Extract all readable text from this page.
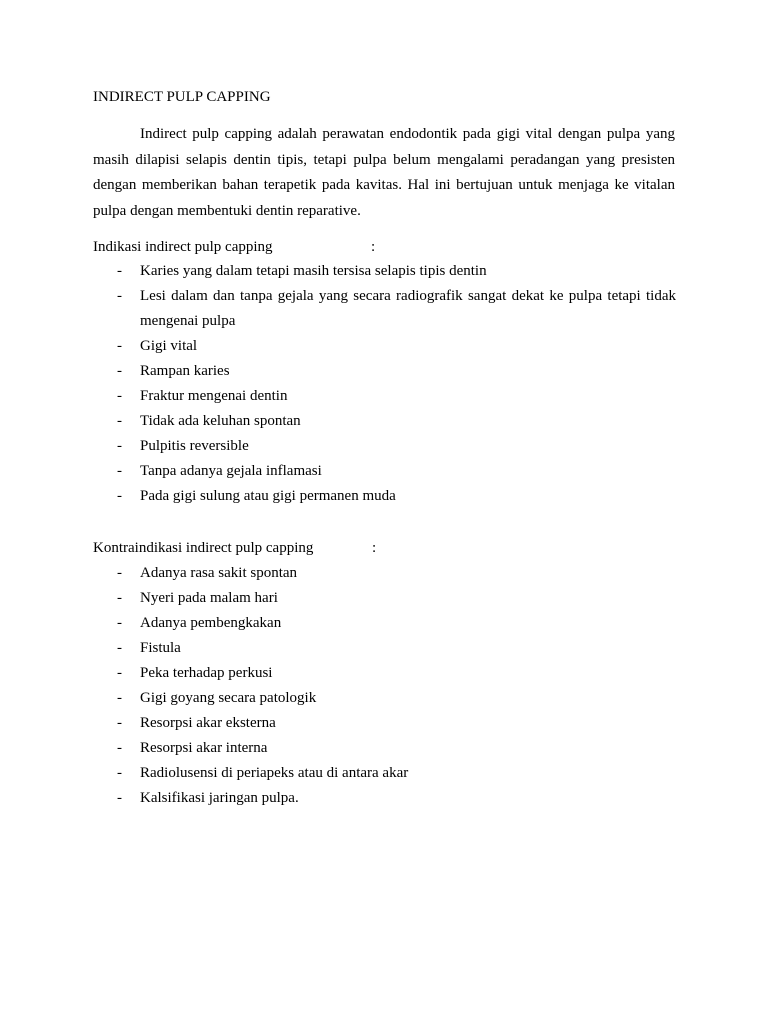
INDIRECT PULP CAPPING

Indirect pulp capping adalah perawatan endodontik pada gigi vital dengan pulpa yang masih dilapisi selapis dentin tipis, tetapi pulpa belum mengalami peradangan yang presisten dengan memberikan bahan terapetik pada kavitas. Hal ini bertujuan untuk menjaga ke vitalan pulpa dengan membentuki dentin reparative.

Indikasi indirect pulp capping	:
- Karies yang dalam tetapi masih tersisa selapis tipis dentin
- Lesi dalam dan tanpa gejala yang secara radiografik sangat dekat ke pulpa tetapi tidak mengenai pulpa
- Gigi vital
- Rampan karies
- Fraktur mengenai dentin
- Tidak ada keluhan spontan
- Pulpitis reversible
- Tanpa adanya gejala inflamasi
- Pada gigi sulung atau gigi permanen muda
Kontraindikasi indirect pulp capping	:
- Adanya rasa sakit spontan
- Nyeri pada malam hari
- Adanya pembengkakan
- Fistula
- Peka terhadap perkusi
- Gigi goyang secara patologik
- Resorpsi akar eksterna
- Resorpsi akar interna
- Radiolusensi di periapeks atau di antara akar
- Kalsifikasi jaringan pulpa.
